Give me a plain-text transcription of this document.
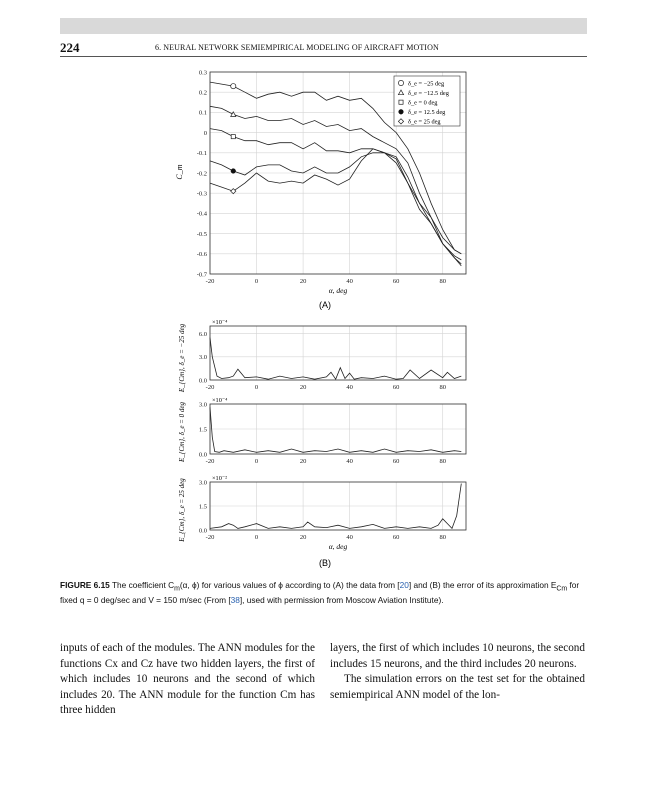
224	6. NEURAL NETWORK SEMIEMPIRICAL MODELING OF AIRCRAFT MOTION
-20	0	20	40	60	80
0.3
0.2
0.1
0
-0.1
-0.2
-0.3
-0.4
-0.5
-0.6
-0.7
α, deg
C_m
δ_e = −25 deg
δ_e = −12.5 deg
δ_e = 0 deg
δ_e = 12.5 deg
δ_e = 25 deg
(A)
-20	0	20	40	60	80
6.0
3.0
0.0
×10⁻⁴
E_{Cm}, δ_e = −25 deg
-20	0	20	40	60	80
3.0
1.5
0.0
×10⁻⁴
E_{Cm}, δ_e = 0 deg
-20	0	20	40	60	80
3.0
1.5
0.0
×10⁻²
E_{Cm}, δ_e = 25 deg
α, deg
(B)
FIGURE 6.15 The coefficient $C_m(\alpha$, ϕ) for various values of ϕ according to (A) the data from [20] and (B) the error of its approximation $E_{Cm}$ for fixed q = 0 deg/sec and V = 150 m/sec (From [38], used with permission from Moscow Aviation Institute).

inputs of each of the modules. The ANN modules for the functions Cx and Cz have two hidden layers, the first of which includes 10 neurons and the second of which includes 20. The ANN module for the function Cm has three hidden

layers, the first of which includes 10 neurons, the second includes 15 neurons, and the third includes 20 neurons.

The simulation errors on the test set for the obtained semiempirical ANN model of the lon-
